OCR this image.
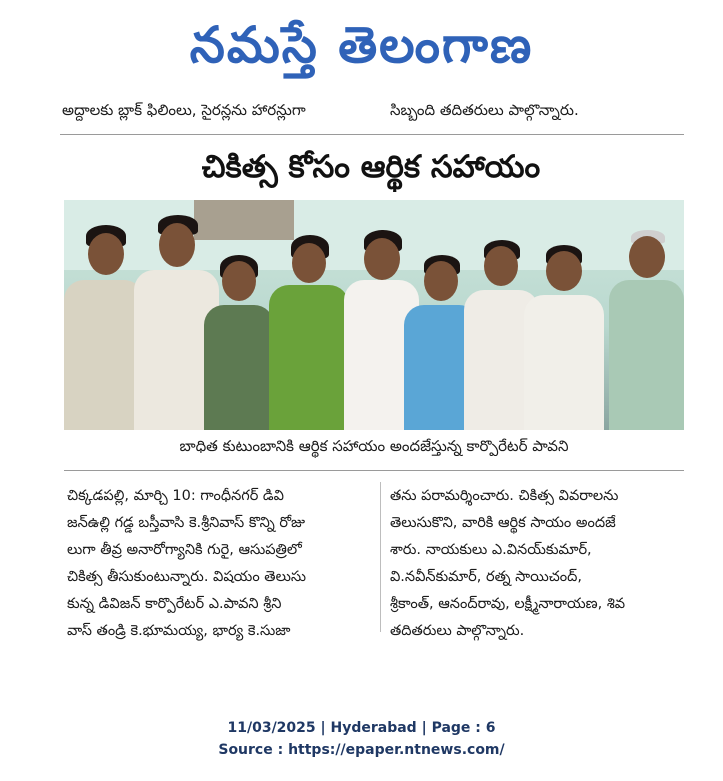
నమస్తే తెలంగాణ
అద్దాలకు బ్లాక్ ఫిలింలు, సైరన్లను హారన్లుగా	సిబ్బంది తదితరులు పాల్గొన్నారు.
చికిత్స కోసం ఆర్థిక సహాయం
బాధిత కుటుంబానికి ఆర్థిక సహాయం అందజేస్తున్న కార్పొరేటర్ పావని
చిక్కడపల్లి, మార్చి 10: గాంధీనగర్ డివి
జన్‌ఉల్లి గడ్డ బస్తీవాసి కె.శ్రీనివాస్ కొన్ని రోజు
లుగా తీవ్ర అనారోగ్యానికి గురై, ఆసుపత్రిలో
చికిత్స తీసుకుంటున్నారు. విషయం తెలుసు
కున్న డివిజన్ కార్పొరేటర్ ఎ.పావని శ్రీని
వాస్ తండ్రి కె.భూమయ్య, భార్య కె.సుజా
తను పరామర్శించారు. చికిత్స వివరాలను
తెలుసుకొని, వారికి ఆర్థిక సాయం అందజే
శారు. నాయకులు ఎ.వినయ్‌కుమార్,
వి.నవీన్‌కుమార్, రత్న సాయిచంద్,
శ్రీకాంత్, ఆనంద్‌రావు, లక్ష్మీనారాయణ, శివ
తదితరులు పాల్గొన్నారు.
11/03/2025 | Hyderabad | Page : 6
Source : https://epaper.ntnews.com/
